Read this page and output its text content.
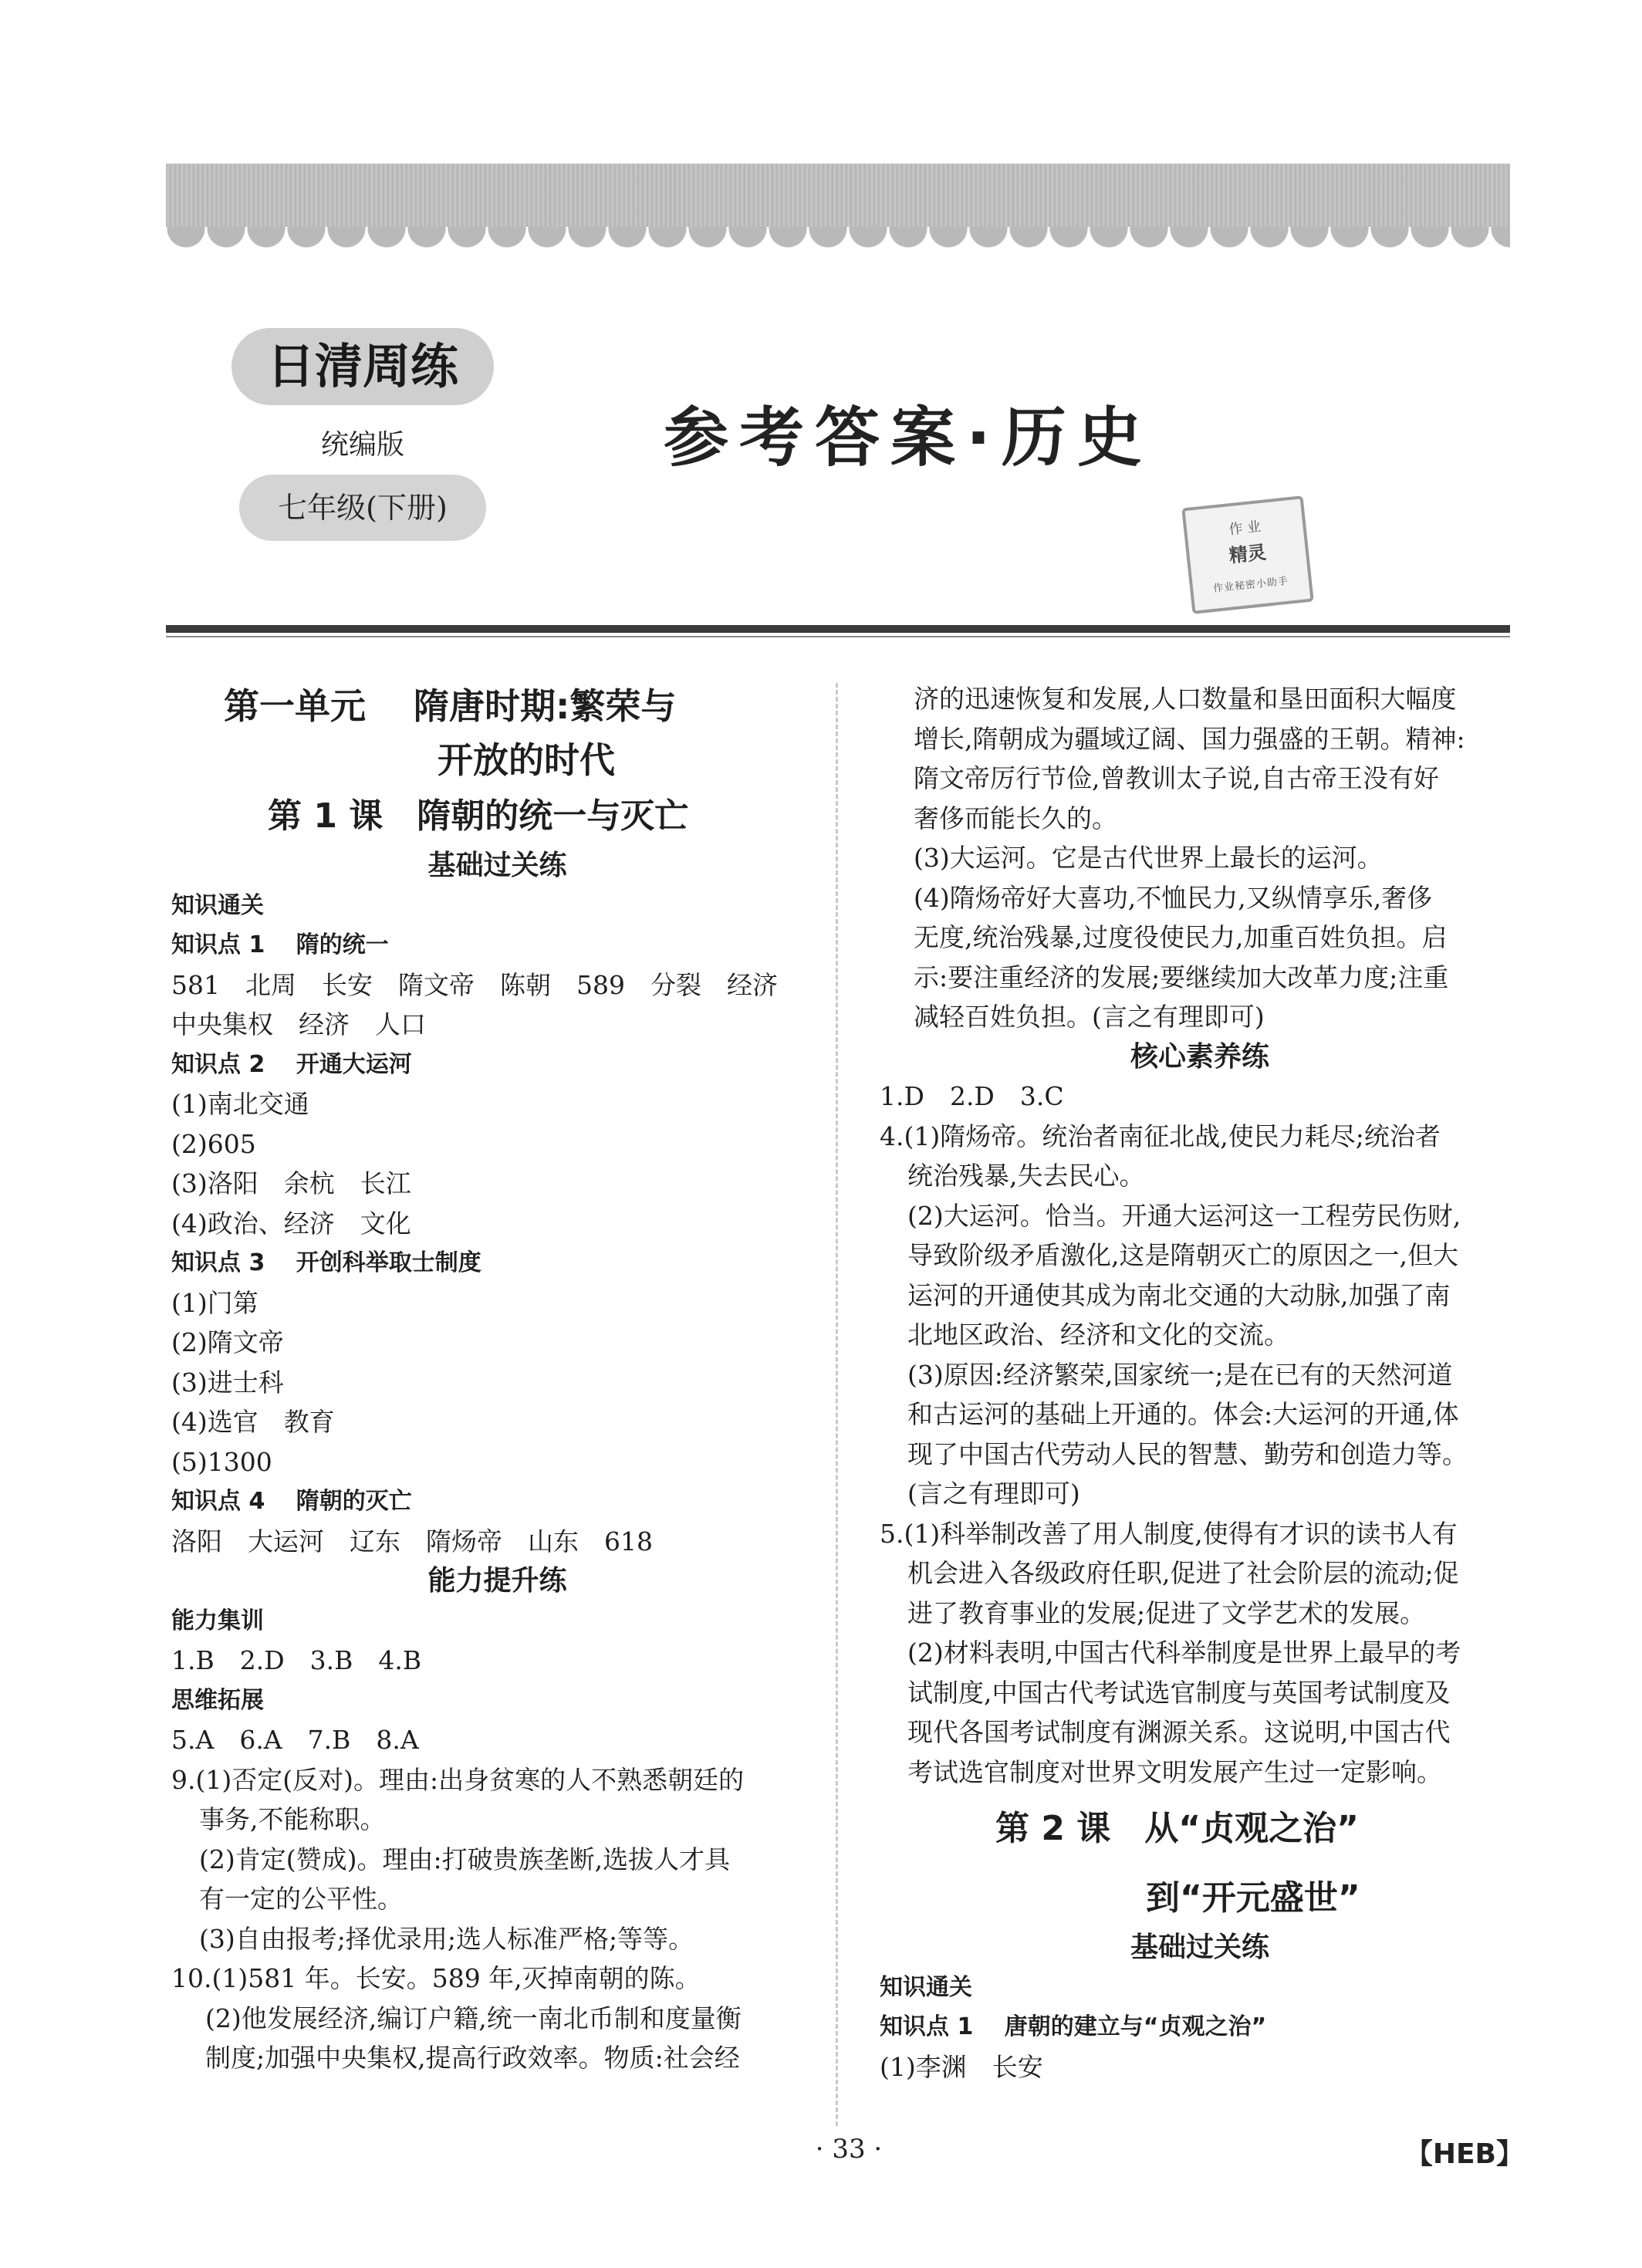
日清周练
统编版
七年级(下册)
参考答案·历史
作 业
精灵
作业秘密小助手
第一单元　 隋唐时期:繁荣与
开放的时代
第 1 课　隋朝的统一与灭亡
基础过关练
知识通关
知识点 1　 隋的统一
581　北周　长安　隋文帝　陈朝　589　分裂　经济
中央集权　经济　人口
知识点 2　 开通大运河
(1)南北交通
(2)605
(3)洛阳　余杭　长江
(4)政治、经济　文化
知识点 3　 开创科举取士制度
(1)门第
(2)隋文帝
(3)进士科
(4)选官　教育
(5)1300
知识点 4　 隋朝的灭亡
洛阳　大运河　辽东　隋炀帝　山东　618
能力提升练
能力集训
1.B　2.D　3.B　4.B
思维拓展
5.A　6.A　7.B　8.A
9.(1)否定(反对)。理由:出身贫寒的人不熟悉朝廷的
事务,不能称职。
(2)肯定(赞成)。理由:打破贵族垄断,选拔人才具
有一定的公平性。
(3)自由报考;择优录用;选人标准严格;等等。
10.(1)581 年。长安。589 年,灭掉南朝的陈。
(2)他发展经济,编订户籍,统一南北币制和度量衡
制度;加强中央集权,提高行政效率。物质:社会经
济的迅速恢复和发展,人口数量和垦田面积大幅度
增长,隋朝成为疆域辽阔、国力强盛的王朝。精神:
隋文帝厉行节俭,曾教训太子说,自古帝王没有好
奢侈而能长久的。
(3)大运河。它是古代世界上最长的运河。
(4)隋炀帝好大喜功,不恤民力,又纵情享乐,奢侈
无度,统治残暴,过度役使民力,加重百姓负担。启
示:要注重经济的发展;要继续加大改革力度;注重
减轻百姓负担。(言之有理即可)
核心素养练
1.D　2.D　3.C
4.(1)隋炀帝。统治者南征北战,使民力耗尽;统治者
统治残暴,失去民心。
(2)大运河。恰当。开通大运河这一工程劳民伤财,
导致阶级矛盾激化,这是隋朝灭亡的原因之一,但大
运河的开通使其成为南北交通的大动脉,加强了南
北地区政治、经济和文化的交流。
(3)原因:经济繁荣,国家统一;是在已有的天然河道
和古运河的基础上开通的。体会:大运河的开通,体
现了中国古代劳动人民的智慧、勤劳和创造力等。
(言之有理即可)
5.(1)科举制改善了用人制度,使得有才识的读书人有
机会进入各级政府任职,促进了社会阶层的流动;促
进了教育事业的发展;促进了文学艺术的发展。
(2)材料表明,中国古代科举制度是世界上最早的考
试制度,中国古代考试选官制度与英国考试制度及
现代各国考试制度有渊源关系。这说明,中国古代
考试选官制度对世界文明发展产生过一定影响。
第 2 课　从“贞观之治”
到“开元盛世”
基础过关练
知识通关
知识点 1　 唐朝的建立与“贞观之治”
(1)李渊　长安
· 33 ·	【HEB】
